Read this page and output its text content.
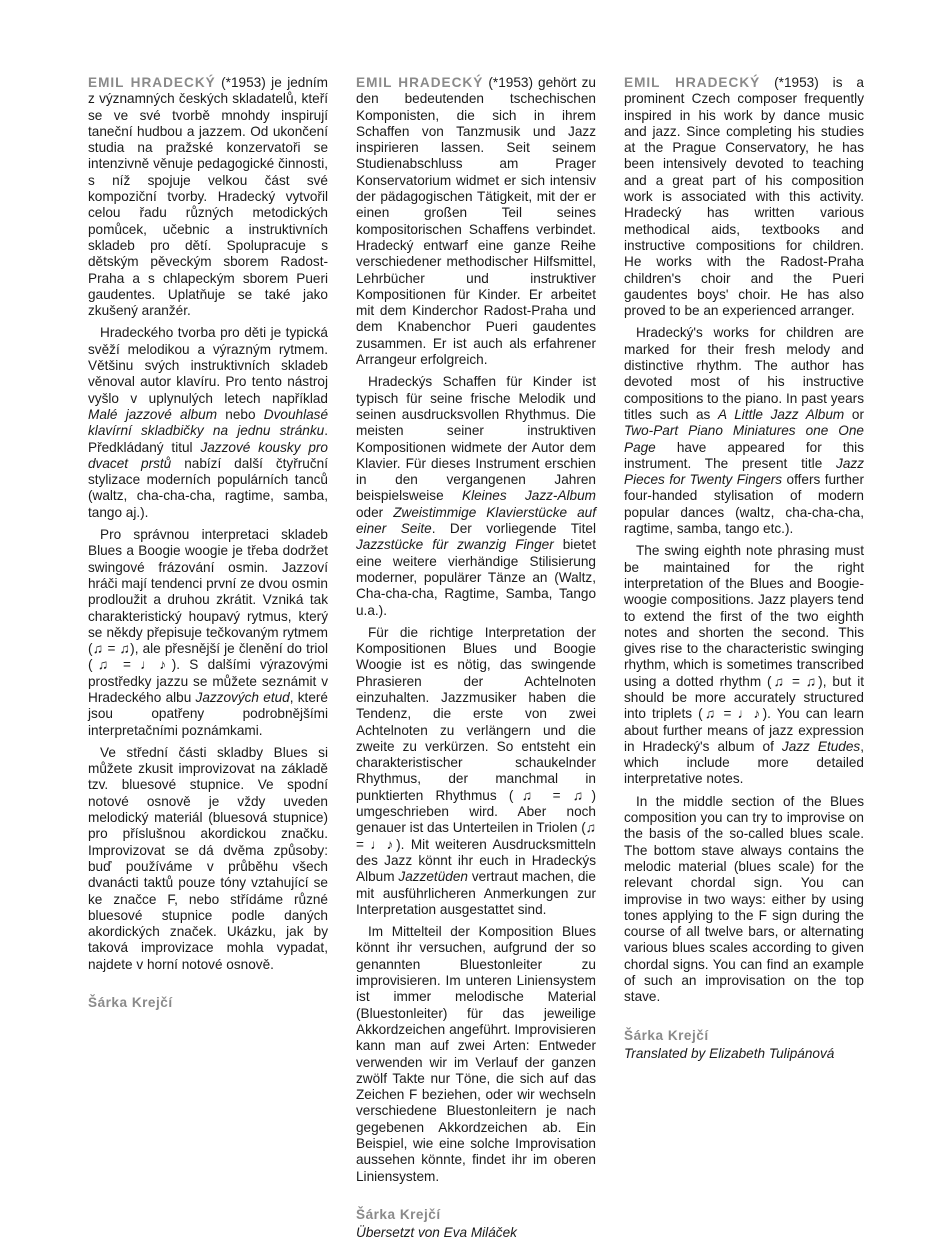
EMIL HRADECKÝ (*1953) je jedním z významných českých skladatelů, kteří se ve své tvorbě mnohdy inspirují taneční hudbou a jazzem. Od ukončení studia na pražské konzervatoři se intenzivně věnuje pedagogické činnosti, s níž spojuje velkou část své kompoziční tvorby. Hradecký vytvořil celou řadu různých metodických pomůcek, učebnic a instruktivních skladeb pro dětí. Spolupracuje s dětským pěveckým sborem Radost-Praha a s chlapeckým sborem Pueri gaudentes. Uplatňuje se také jako zkušený aranžér.

Hradeckého tvorba pro děti je typická svěží melodikou a výrazným rytmem. Většinu svých instruktivních skladeb věnoval autor klavíru. Pro tento nástroj vyšlo v uplynulých letech například Malé jazzové album nebo Dvouhlasé klavírní skladbičky na jednu stránku. Předkládaný titul Jazzové kousky pro dvacet prstů nabízí další čtyřruční stylizace moderních populárních tanců (waltz, cha-cha-cha, ragtime, samba, tango aj.).

Pro správnou interpretaci skladeb Blues a Boogie woogie je třeba dodržet swingové frázování osmin. Jazzoví hráči mají tendenci první ze dvou osmin prodloužit a druhou zkrátit. Vzniká tak charakteristický houpavý rytmus, který se někdy přepisuje tečkovaným rytmem (♫ = ♫), ale přesnější je členění do triol (♫ = ♩♪). S dalšími výrazovými prostředky jazzu se můžete seznámit v Hradeckého albu Jazzových etud, které jsou opatřeny podrobnějšími interpretačními poznámkami.

Ve střední části skladby Blues si můžete zkusit improvizovat na základě tzv. bluesové stupnice. Ve spodní notové osnově je vždy uveden melodický materiál (bluesová stupnice) pro příslušnou akordickou značku. Improvizovat se dá dvěma způsoby: buď používáme v průběhu všech dvanácti taktů pouze tóny vztahující se ke značce F, nebo střídáme různé bluesové stupnice podle daných akordických značek. Ukázku, jak by taková improvizace mohla vypadat, najdete v horní notové osnově.

Šárka Krejčí

EMIL HRADECKÝ (*1953) gehört zu den bedeutenden tschechischen Komponisten, die sich in ihrem Schaffen von Tanzmusik und Jazz inspirieren lassen. Seit seinem Studienabschluss am Prager Konservatorium widmet er sich intensiv der pädagogischen Tätigkeit, mit der er einen großen Teil seines kompositorischen Schaffens verbindet. Hradecký entwarf eine ganze Reihe verschiedener methodischer Hilfsmittel, Lehrbücher und instruktiver Kompositionen für Kinder. Er arbeitet mit dem Kinderchor Radost-Praha und dem Knabenchor Pueri gaudentes zusammen. Er ist auch als erfahrener Arrangeur erfolgreich.

Hradeckýs Schaffen für Kinder ist typisch für seine frische Melodik und seinen ausdrucksvollen Rhythmus. Die meisten seiner instruktiven Kompositionen widmete der Autor dem Klavier. Für dieses Instrument erschien in den vergangenen Jahren beispielsweise Kleines Jazz-Album oder Zweistimmige Klavierstücke auf einer Seite. Der vorliegende Titel Jazzstücke für zwanzig Finger bietet eine weitere vierhändige Stilisierung moderner, populärer Tänze an (Waltz, Cha-cha-cha, Ragtime, Samba, Tango u.a.).

Für die richtige Interpretation der Kompositionen Blues und Boogie Woogie ist es nötig, das swingende Phrasieren der Achtelnoten einzuhalten. Jazzmusiker haben die Tendenz, die erste von zwei Achtelnoten zu verlängern und die zweite zu verkürzen. So entsteht ein charakteristischer schaukelnder Rhythmus, der manchmal in punktierten Rhythmus (♫ = ♫) umgeschrieben wird. Aber noch genauer ist das Unterteilen in Triolen (♫ = ♩♪). Mit weiteren Ausdrucksmitteln des Jazz könnt ihr euch in Hradeckýs Album Jazzetüden vertraut machen, die mit ausführlicheren Anmerkungen zur Interpretation ausgestattet sind.

Im Mittelteil der Komposition Blues könnt ihr versuchen, aufgrund der so genannten Bluestonleiter zu improvisieren. Im unteren Liniensystem ist immer melodische Material (Bluestonleiter) für das jeweilige Akkordzeichen angeführt. Improvisieren kann man auf zwei Arten: Entweder verwenden wir im Verlauf der ganzen zwölf Takte nur Töne, die sich auf das Zeichen F beziehen, oder wir wechseln verschiedene Bluestonleitern je nach gegebenen Akkordzeichen ab. Ein Beispiel, wie eine solche Improvisation aussehen könnte, findet ihr im oberen Liniensystem.

Šárka Krejčí
Übersetzt von Eva Miláček

EMIL HRADECKÝ (*1953) is a prominent Czech composer frequently inspired in his work by dance music and jazz. Since completing his studies at the Prague Conservatory, he has been intensively devoted to teaching and a great part of his composition work is associated with this activity. Hradecký has written various methodical aids, textbooks and instructive compositions for children. He works with the Radost-Praha children's choir and the Pueri gaudentes boys' choir. He has also proved to be an experienced arranger.

Hradecký's works for children are marked for their fresh melody and distinctive rhythm. The author has devoted most of his instructive compositions to the piano. In past years titles such as A Little Jazz Album or Two-Part Piano Miniatures one One Page have appeared for this instrument. The present title Jazz Pieces for Twenty Fingers offers further four-handed stylisation of modern popular dances (waltz, cha-cha-cha, ragtime, samba, tango etc.).

The swing eighth note phrasing must be maintained for the right interpretation of the Blues and Boogie-woogie compositions. Jazz players tend to extend the first of the two eighth notes and shorten the second. This gives rise to the characteristic swinging rhythm, which is sometimes transcribed using a dotted rhythm (♫ = ♫), but it should be more accurately structured into triplets (♫ = ♩♪). You can learn about further means of jazz expression in Hradecký's album of Jazz Etudes, which include more detailed interpretative notes.

In the middle section of the Blues composition you can try to improvise on the basis of the so-called blues scale. The bottom stave always contains the melodic material (blues scale) for the relevant chordal sign. You can improvise in two ways: either by using tones applying to the F sign during the course of all twelve bars, or alternating various blues scales according to given chordal signs. You can find an example of such an improvisation on the top stave.

Šárka Krejčí
Translated by Elizabeth Tulipánová
